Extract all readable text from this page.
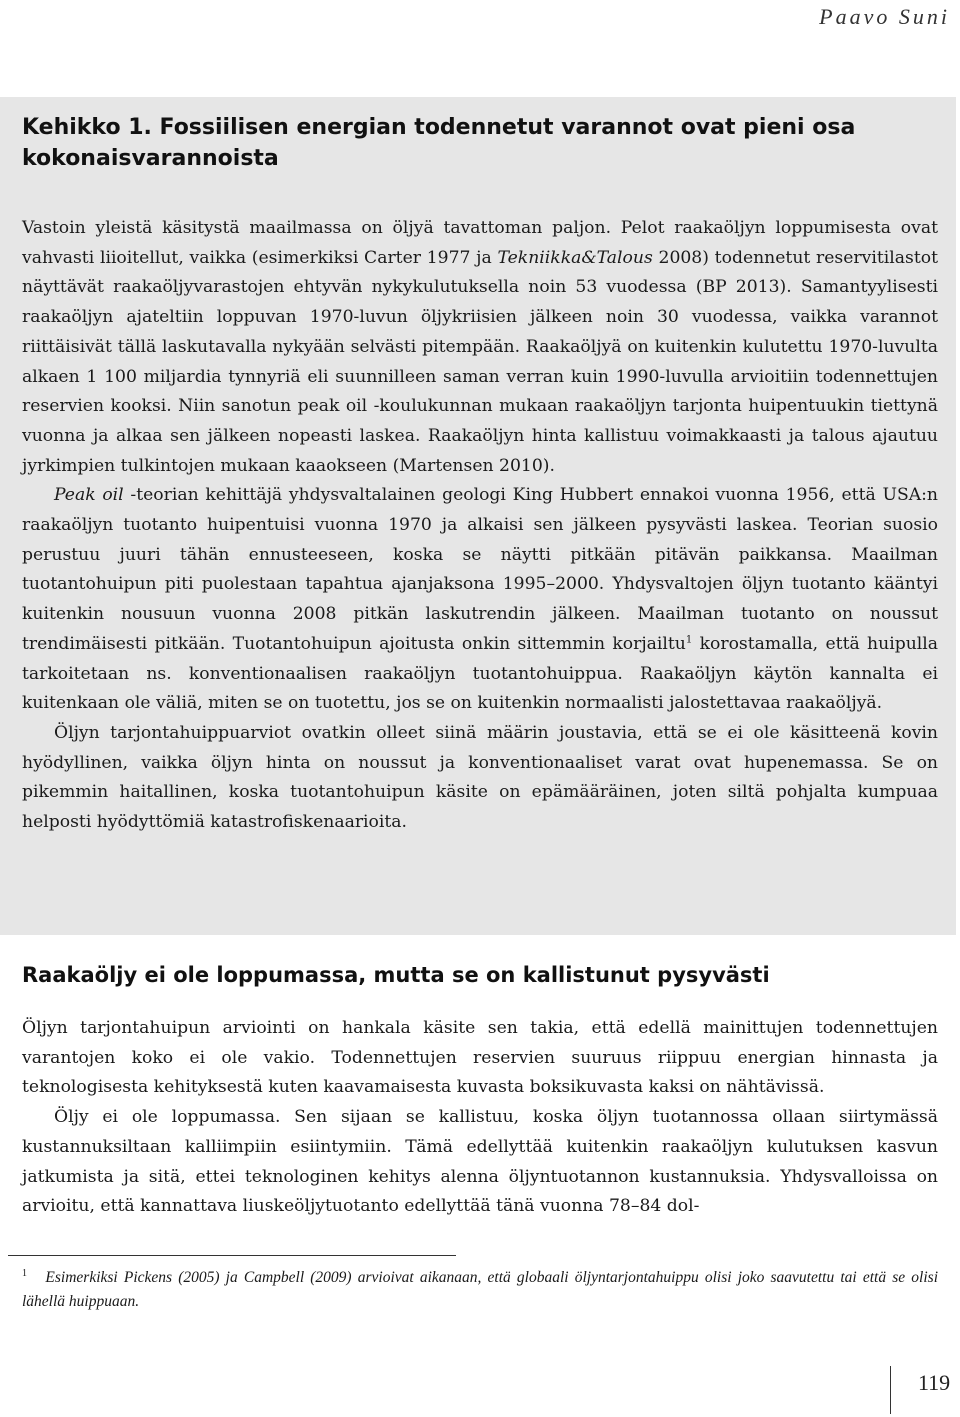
Paavo Suni
Kehikko 1. Fossiilisen energian todennetut varannot ovat pieni osa kokonaisvarannoista

Vastoin yleistä käsitystä maailmassa on öljyä tavattoman paljon. Pelot raakaöljyn loppumisesta ovat vahvasti liioitellut, vaikka (esimerkiksi Carter 1977 ja Tekniikka&Talous 2008) todennetut reservitilastot näyttävät raakaöljyvarastojen ehtyvän nykykulutuksella noin 53 vuodessa (BP 2013). Samantyylisesti raakaöljyn ajateltiin loppuvan 1970-luvun öljykriisien jälkeen noin 30 vuodessa, vaikka varannot riittäisivät tällä laskutavalla nykyään selvästi pitempään. Raakaöljyä on kuitenkin kulutettu 1970-luvulta alkaen 1 100 miljardia tynnyriä eli suunnilleen saman verran kuin 1990-luvulla arvioitiin todennettujen reservien kooksi. Niin sanotun peak oil -koulukunnan mukaan raakaöljyn tarjonta huipentuukin tiettynä vuonna ja alkaa sen jälkeen nopeasti laskea. Raakaöljyn hinta kallistuu voimakkaasti ja talous ajautuu jyrkimpien tulkintojen mukaan kaaokseen (Martensen 2010).

Peak oil -teorian kehittäjä yhdysvaltalainen geologi King Hubbert ennakoi vuonna 1956, että USA:n raakaöljyn tuotanto huipentuisi vuonna 1970 ja alkaisi sen jälkeen pysyvästi laskea. Teorian suosio perustuu juuri tähän ennusteeseen, koska se näytti pitkään pitävän paikkansa. Maailman tuotantohuipun piti puolestaan tapahtua ajanjaksona 1995–2000. Yhdysvaltojen öljyn tuotanto kääntyi kuitenkin nousuun vuonna 2008 pitkän laskutrendin jälkeen. Maailman tuotanto on noussut trendimäisesti pitkään. Tuotantohuipun ajoitusta onkin sittemmin korjailtu$^1$ korostamalla, että huipulla tarkoitetaan ns. konventionaalisen raakaöljyn tuotantohuippua. Raakaöljyn käytön kannalta ei kuitenkaan ole väliä, miten se on tuotettu, jos se on kuitenkin normaalisti jalostettavaa raakaöljyä.

Öljyn tarjontahuippuarviot ovatkin olleet siinä määrin joustavia, että se ei ole käsitteenä kovin hyödyllinen, vaikka öljyn hinta on noussut ja konventionaaliset varat ovat hupenemassa. Se on pikemmin haitallinen, koska tuotantohuipun käsite on epämääräinen, joten siltä pohjalta kumpuaa helposti hyödyttömiä katastrofiskenaarioita.

Raakaöljy ei ole loppumassa, mutta se on kallistunut pysyvästi

Öljyn tarjontahuipun arviointi on hankala käsite sen takia, että edellä mainittujen todennettujen varantojen koko ei ole vakio. Todennettujen reservien suuruus riippuu energian hinnasta ja teknologisesta kehityksestä kuten kaavamaisesta kuvasta boksikuvasta kaksi on nähtävissä.

Öljy ei ole loppumassa. Sen sijaan se kallistuu, koska öljyn tuotannossa ollaan siirtymässä kustannuksiltaan kalliimpiin esiintymiin. Tämä edellyttää kuitenkin raakaöljyn kulutuksen kasvun jatkumista ja sitä, ettei teknologinen kehitys alenna öljyntuotannon kustannuksia. Yhdysvalloissa on arvioitu, että kannattava liuskeöljytuotanto edellyttää tänä vuonna 78–84 dol-

$^1$ Esimerkiksi Pickens (2005) ja Campbell (2009) arvioivat aikanaan, että globaali öljyntarjontahuippu olisi joko saavutettu tai että se olisi lähellä huippuaan.
119
